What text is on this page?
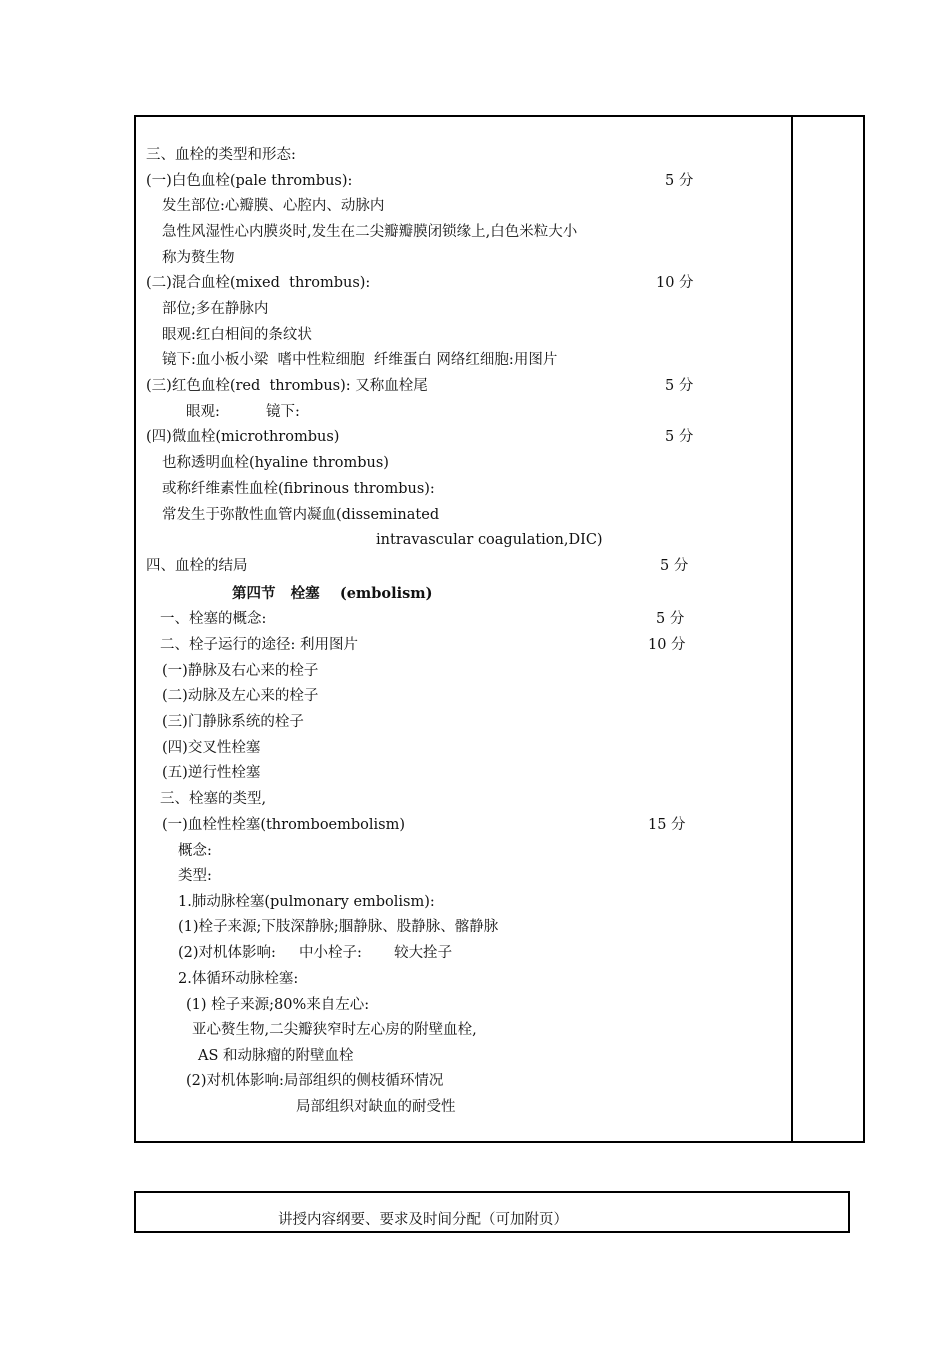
三、血栓的类型和形态:
(一)白色血栓(pale thrombus):
发生部位:心瓣膜、心腔内、动脉内
急性风湿性心内膜炎时,发生在二尖瓣瓣膜闭锁缘上,白色米粒大小
称为赘生物
(二)混合血栓(mixed  thrombus):
部位;多在静脉内
眼观:红白相间的条纹状
镜下:血小板小梁  嗜中性粒细胞  纤维蛋白 网络红细胞:用图片
(三)红色血栓(red  thrombus): 又称血栓尾
眼观:          镜下:
(四)微血栓(microthrombus)
也称透明血栓(hyaline thrombus)
或称纤维素性血栓(fibrinous thrombus):
常发生于弥散性血管内凝血(disseminated
intravascular coagulation,DIC)
四、血栓的结局
第四节   栓塞    (embolism)
一、栓塞的概念:
二、栓子运行的途径: 利用图片
(一)静脉及右心来的栓子
(二)动脉及左心来的栓子
(三)门静脉系统的栓子
(四)交叉性栓塞
(五)逆行性栓塞
三、栓塞的类型,
(一)血栓性栓塞(thromboembolism)
概念:
类型:
1.肺动脉栓塞(pulmonary embolism):
(1)栓子来源;下肢深静脉;腘静脉、股静脉、髂静脉
(2)对机体影响:     中小栓子:       较大拴子
2.体循环动脉栓塞:
(1) 栓子来源;80%来自左心:
亚心赘生物,二尖瓣狭窄时左心房的附壁血栓,
AS 和动脉瘤的附壁血栓
(2)对机体影响:局部组织的侧枝循环情况
局部组织对缺血的耐受性
5 分
10 分
5 分
5 分
5 分
5 分
10 分
15 分
讲授内容纲要、要求及时间分配（可加附页）
